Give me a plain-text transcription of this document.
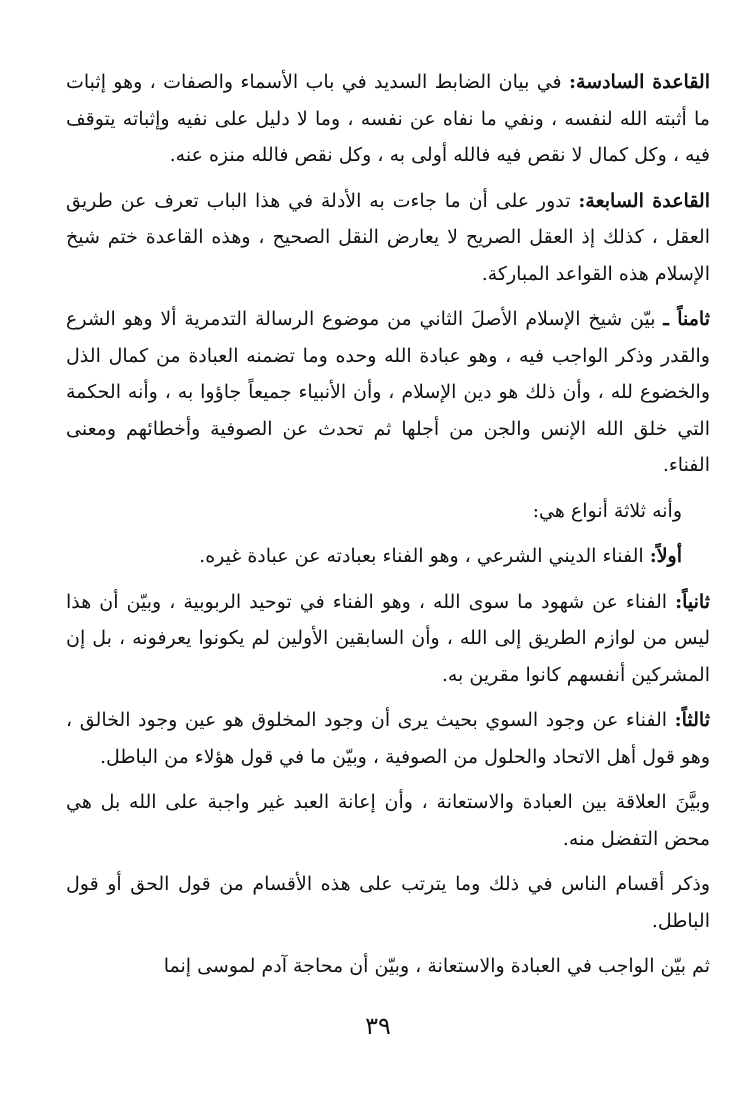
القاعدة السادسة: في بيان الضابط السديد في باب الأسماء والصفات ، وهو إثبات ما أثبته الله لنفسه ، ونفي ما نفاه عن نفسه ، وما لا دليل على نفيه وإثباته يتوقف فيه ، وكل كمال لا نقص فيه فالله أولى به ، وكل نقص فالله منزه عنه.

القاعدة السابعة: تدور على أن ما جاءت به الأدلة في هذا الباب تعرف عن طريق العقل ، كذلك إذ العقل الصريح لا يعارض النقل الصحيح ، وهذه القاعدة ختم شيخ الإسلام هذه القواعد المباركة.

ثامناً ـ بيّن شيخ الإسلام الأصلَ الثاني من موضوع الرسالة التدمرية ألا وهو الشرع والقدر وذكر الواجب فيه ، وهو عبادة الله وحده وما تضمنه العبادة من كمال الذل والخضوع لله ، وأن ذلك هو دين الإسلام ، وأن الأنبياء جميعاً جاؤوا به ، وأنه الحكمة التي خلق الله الإنس والجن من أجلها ثم تحدث عن الصوفية وأخطائهم ومعنى الفناء.

وأنه ثلاثة أنواع هي:

أولاً: الفناء الديني الشرعي ، وهو الفناء بعبادته عن عبادة غيره.

ثانياً: الفناء عن شهود ما سوى الله ، وهو الفناء في توحيد الربوبية ، وبيّن أن هذا ليس من لوازم الطريق إلى الله ، وأن السابقين الأولين لم يكونوا يعرفونه ، بل إن المشركين أنفسهم كانوا مقرين به.

ثالثاً: الفناء عن وجود السوي بحيث يرى أن وجود المخلوق هو عين وجود الخالق ، وهو قول أهل الاتحاد والحلول من الصوفية ، وبيّن ما في قول هؤلاء من الباطل.

وبيَّنَ العلاقة بين العبادة والاستعانة ، وأن إعانة العبد غير واجبة على الله بل هي محض التفضل منه.

وذكر أقسام الناس في ذلك وما يترتب على هذه الأقسام من قول الحق أو قول الباطل.

ثم بيّن الواجب في العبادة والاستعانة ، وبيّن أن محاجة آدم لموسى إنما

٣٩
